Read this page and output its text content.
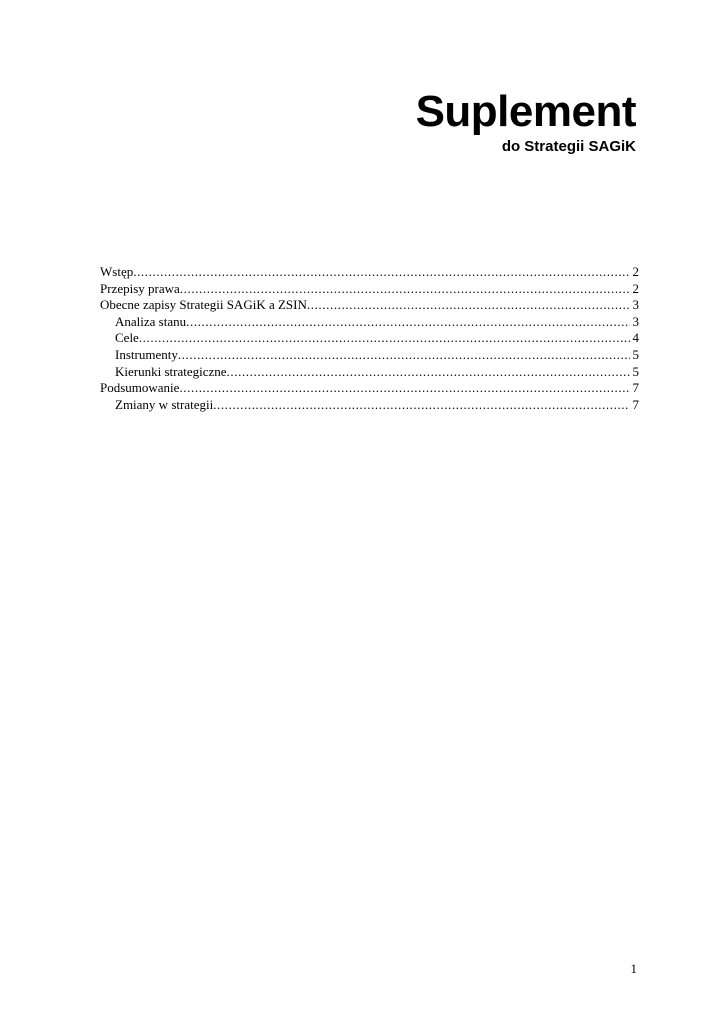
Suplement
do Strategii SAGiK
Wstęp .....	2
Przepisy prawa .....	2
Obecne zapisy Strategii SAGiK a ZSIN .....	3
Analiza stanu .....	3
Cele .....	4
Instrumenty .....	5
Kierunki strategiczne .....	5
Podsumowanie .....	7
Zmiany w strategii .....	7
1
